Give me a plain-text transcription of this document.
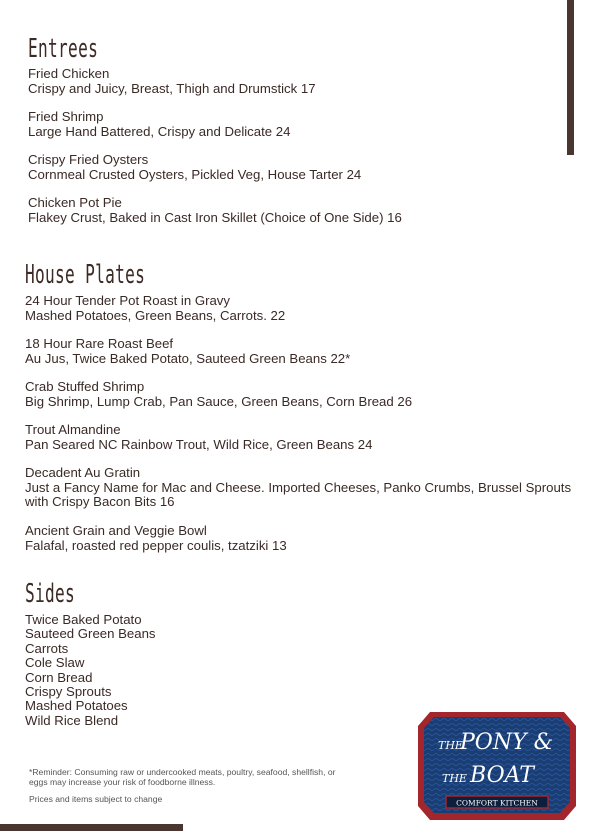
Entrees
Fried Chicken
Crispy and Juicy, Breast, Thigh and Drumstick 17
Fried Shrimp
Large Hand Battered, Crispy and Delicate 24
Crispy Fried Oysters
Cornmeal Crusted Oysters, Pickled Veg, House Tarter 24
Chicken Pot Pie
Flakey Crust, Baked in Cast Iron Skillet (Choice of One Side) 16
House Plates
24 Hour Tender Pot Roast in Gravy
Mashed Potatoes, Green Beans, Carrots. 22
18 Hour Rare Roast Beef
Au Jus, Twice Baked Potato, Sauteed Green Beans 22*
Crab Stuffed Shrimp
Big Shrimp, Lump Crab, Pan Sauce, Green Beans, Corn Bread 26
Trout Almandine
Pan Seared NC Rainbow Trout, Wild Rice, Green Beans 24
Decadent Au Gratin
Just a Fancy Name for Mac and Cheese. Imported Cheeses, Panko Crumbs, Brussel Sprouts with Crispy Bacon Bits 16
Ancient Grain and Veggie Bowl
Falafal, roasted red pepper coulis, tzatziki 13
Sides
Twice Baked Potato
Sauteed Green Beans
Carrots
Cole Slaw
Corn Bread
Crispy Sprouts
Mashed Potatoes
Wild Rice Blend
*Reminder: Consuming raw or undercooked meats, poultry, seafood, shellfish, or eggs may increase your risk of foodborne illness.
Prices and items subject to change
THE
PONY &
THE BOAT
COMFORT KITCHEN
